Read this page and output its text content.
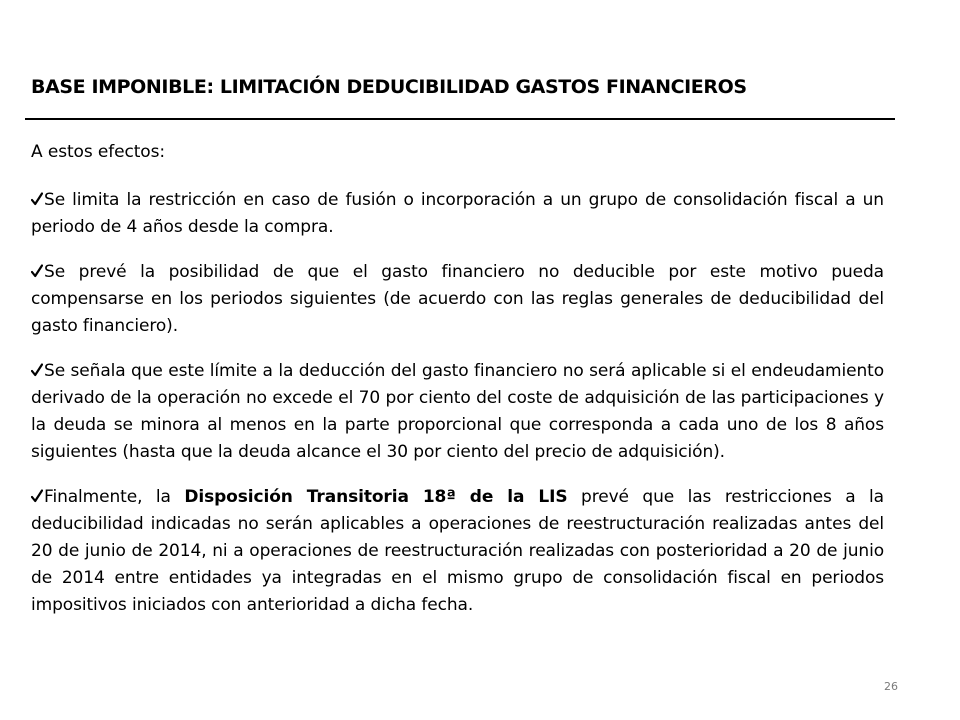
BASE IMPONIBLE: LIMITACIÓN DEDUCIBILIDAD GASTOS FINANCIEROS

A estos efectos:

Se limita la restricción en caso de fusión o incorporación a un grupo de consolidación fiscal a un periodo de 4 años desde la compra.

Se prevé la posibilidad de que el gasto financiero no deducible por este motivo pueda compensarse en los periodos siguientes (de acuerdo con las reglas generales de deducibilidad del gasto financiero).

Se señala que este límite a la deducción del gasto financiero no será aplicable si el endeudamiento derivado de la operación no excede el 70 por ciento del coste de adquisición de las participaciones y la deuda se minora al menos en la parte proporcional que corresponda a cada uno de los 8 años siguientes (hasta que la deuda alcance el 30 por ciento del precio de adquisición).

Finalmente, la Disposición Transitoria 18ª de la LIS prevé que las restricciones a la deducibilidad indicadas no serán aplicables a operaciones de reestructuración realizadas antes del 20 de junio de 2014, ni a operaciones de reestructuración realizadas con posterioridad a 20 de junio de 2014 entre entidades ya integradas en el mismo grupo de consolidación fiscal en periodos impositivos iniciados con anterioridad a dicha fecha.

26
